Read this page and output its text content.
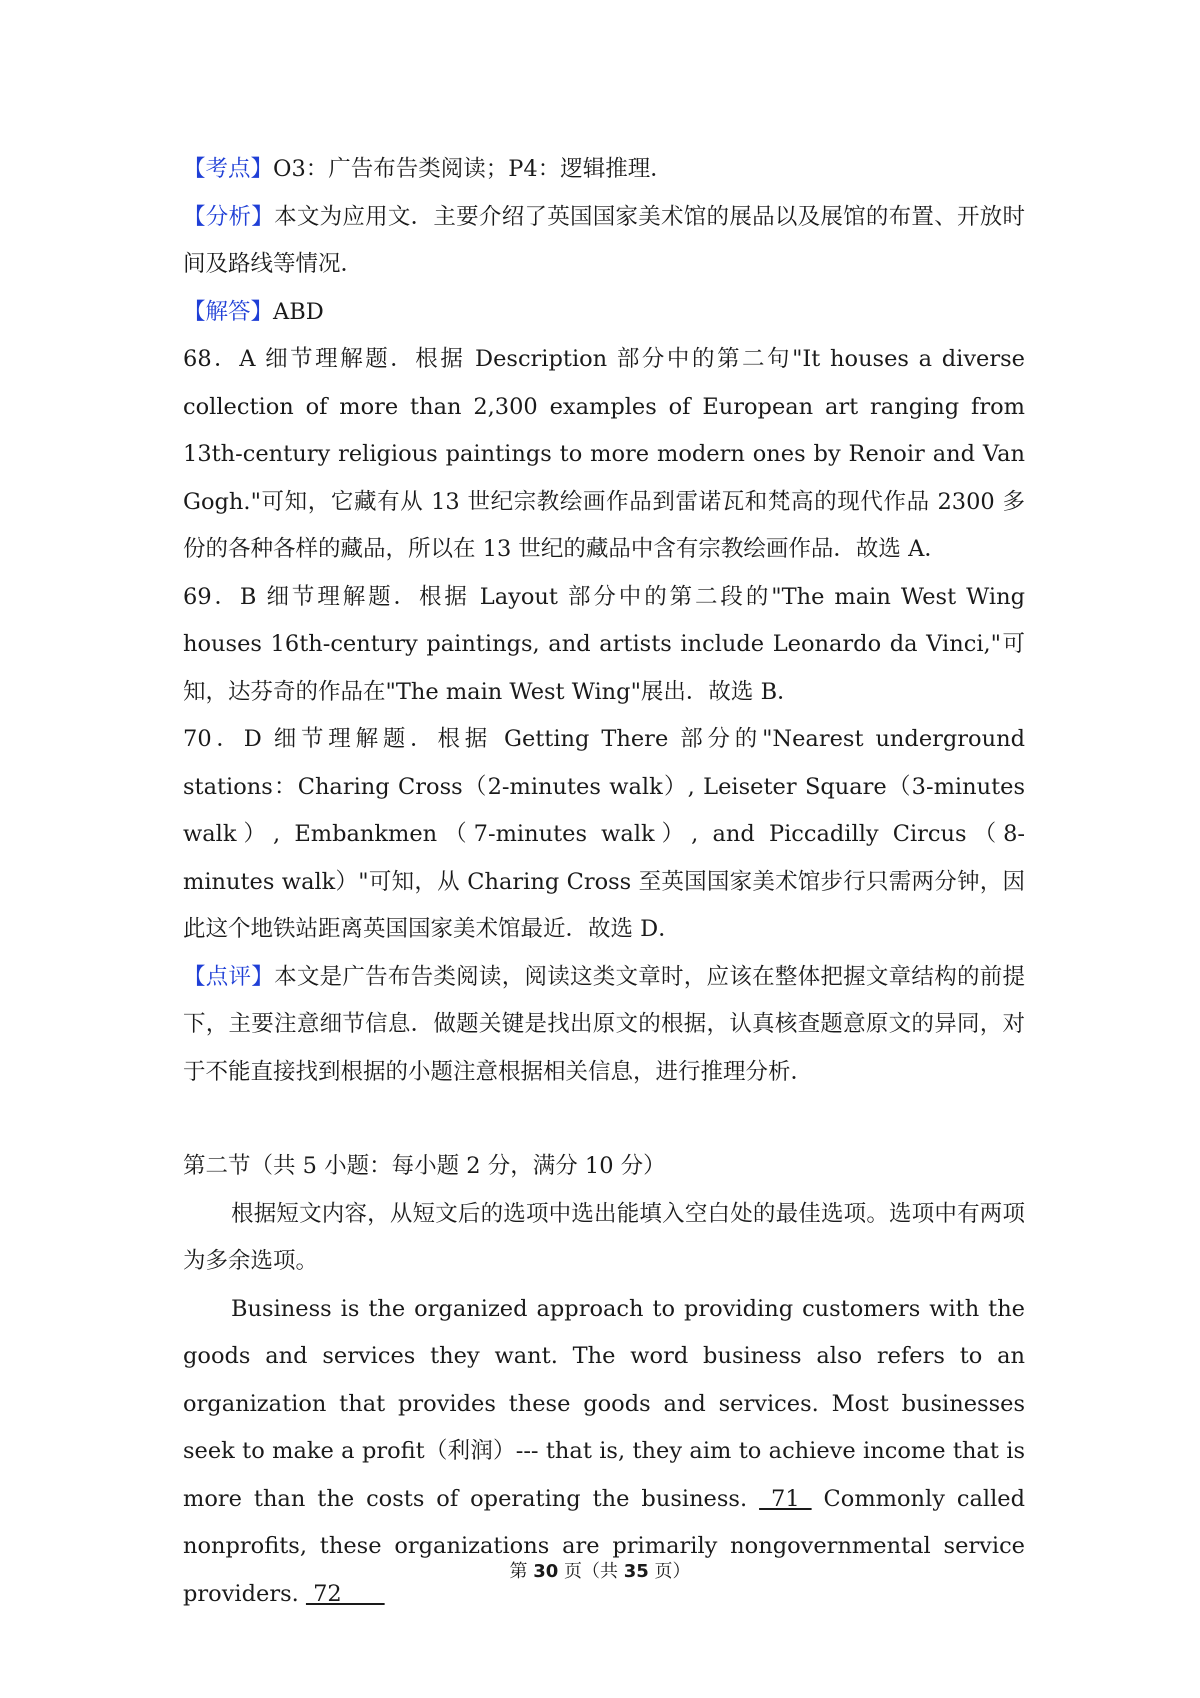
【考点】O3：广告布告类阅读；P4：逻辑推理．

【分析】本文为应用文．主要介绍了英国国家美术馆的展品以及展馆的布置、开放时间及路线等情况．

【解答】ABD

68．A 细节理解题．根据 Description 部分中的第二句"It houses a diverse collection of more than 2,300 examples of European art ranging from 13th-century religious paintings to more modern ones by Renoir and Van Gogh."可知，它藏有从 13 世纪宗教绘画作品到雷诺瓦和梵高的现代作品 2300 多份的各种各样的藏品，所以在 13 世纪的藏品中含有宗教绘画作品．故选 A．

69．B 细节理解题．根据 Layout 部分中的第二段的"The main West Wing houses 16th-century paintings, and artists include Leonardo da Vinci,"可知，达芬奇的作品在"The main West Wing"展出．故选 B．

70．D 细节理解题．根据 Getting There 部分的"Nearest underground stations：Charing Cross（2-minutes walk）, Leiseter Square（3-minutes walk）, Embankmen（7-minutes walk）, and Piccadilly Circus（8-minutes walk）"可知，从 Charing Cross 至英国国家美术馆步行只需两分钟，因此这个地铁站距离英国国家美术馆最近．故选 D．

【点评】本文是广告布告类阅读，阅读这类文章时，应该在整体把握文章结构的前提下，主要注意细节信息．做题关键是找出原文的根据，认真核查题意原文的异同，对于不能直接找到根据的小题注意根据相关信息，进行推理分析．

第二节（共 5 小题：每小题 2 分，满分 10 分）

根据短文内容，从短文后的选项中选出能填入空白处的最佳选项。选项中有两项为多余选项。

Business is the organized approach to providing customers with the goods and services they want. The word business also refers to an organization that provides these goods and services. Most businesses seek to make a profit（利润）--- that is, they aim to achieve income that is more than the costs of operating the business.  71  Commonly called nonprofits, these organizations are primarily nongovernmental service providers.  72

第 30 页（共 35 页）
